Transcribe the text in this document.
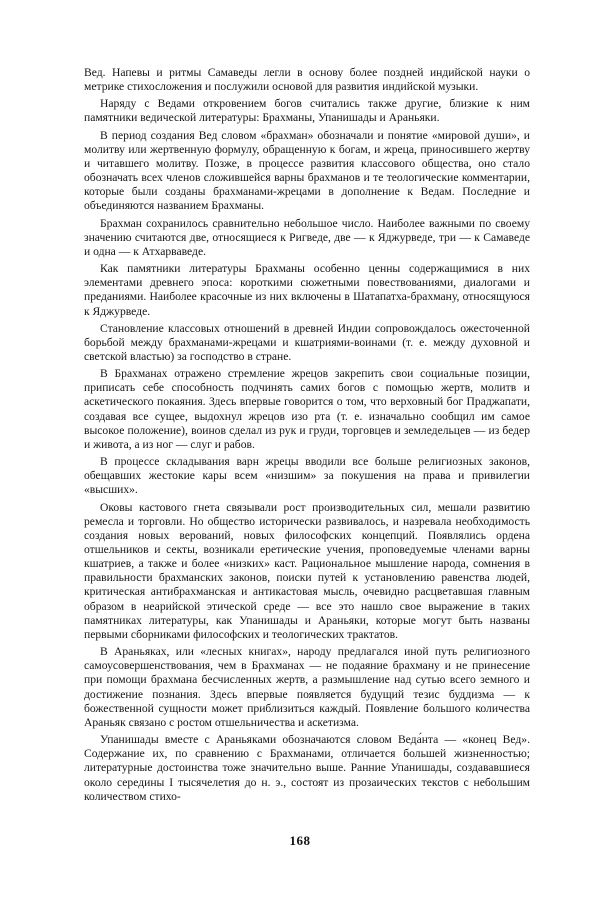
Вед. Напевы и ритмы Самаведы легли в основу более поздней индийской науки о метрике стихосложения и послужили основой для развития индийской музыки.

Наряду с Ведами откровением богов считались также другие, близкие к ним памятники ведической литературы: Брахманы, Упанишады и Араньяки.

В период создания Вед словом «брахман» обозначали и понятие «мировой души», и молитву или жертвенную формулу, обращенную к богам, и жреца, приносившего жертву и читавшего молитву. Позже, в процессе развития классового общества, оно стало обозначать всех членов сложившейся варны брахманов и те теологические комментарии, которые были созданы брахманами-жрецами в дополнение к Ведам. Последние и объединяются названием Брахманы.

Брахман сохранилось сравнительно небольшое число. Наиболее важными по своему значению считаются две, относящиеся к Ригведе, две — к Яджурведе, три — к Самаведе и одна — к Атхарваведе.

Как памятники литературы Брахманы особенно ценны содержащимися в них элементами древнего эпоса: короткими сюжетными повествованиями, диалогами и преданиями. Наиболее красочные из них включены в Шатапатха-брахману, относящуюся к Яджурведе.

Становление классовых отношений в древней Индии сопровождалось ожесточенной борьбой между брахманами-жрецами и кшатриями-воинами (т. е. между духовной и светской властью) за господство в стране.

В Брахманах отражено стремление жрецов закрепить свои социальные позиции, приписать себе способность подчинять самих богов с помощью жертв, молитв и аскетического покаяния. Здесь впервые говорится о том, что верховный бог Праджапати, создавая все сущее, выдохнул жрецов изо рта (т. е. изначально сообщил им самое высокое положение), воинов сделал из рук и груди, торговцев и земледельцев — из бедер и живота, а из ног — слуг и рабов.

В процессе складывания варн жрецы вводили все больше религиозных законов, обещавших жестокие кары всем «низшим» за покушения на права и привилегии «высших».

Оковы кастового гнета связывали рост производительных сил, мешали развитию ремесла и торговли. Но общество исторически развивалось, и назревала необходимость создания новых верований, новых философских концепций. Появлялись ордена отшельников и секты, возникали еретические учения, проповедуемые членами варны кшатриев, а также и более «низких» каст. Рациональное мышление народа, сомнения в правильности брахманских законов, поиски путей к установлению равенства людей, критическая антибрахманская и антикастовая мысль, очевидно расцветавшая главным образом в неарийской этической среде — все это нашло свое выражение в таких памятниках литературы, как Упанишады и Араньяки, которые могут быть названы первыми сборниками философских и теологических трактатов.

В Араньяках, или «лесных книгах», народу предлагался иной путь религиозного самоусовершенствования, чем в Брахманах — не подаяние брахману и не принесение при помощи брахмана бесчисленных жертв, а размышление над сутью всего земного и достижение познания. Здесь впервые появляется будущий тезис буддизма — к божественной сущности может приблизиться каждый. Появление большого количества Араньяк связано с ростом отшельничества и аскетизма.

Упанишады вместе с Араньяками обозначаются словом Веда́нта — «конец Вед». Содержание их, по сравнению с Брахманами, отличается большей жизненностью; литературные достоинства тоже значительно выше. Ранние Упанишады, создававшиеся около середины I тысячелетия до н. э., состоят из прозаических текстов с небольшим количеством стихо-

168
